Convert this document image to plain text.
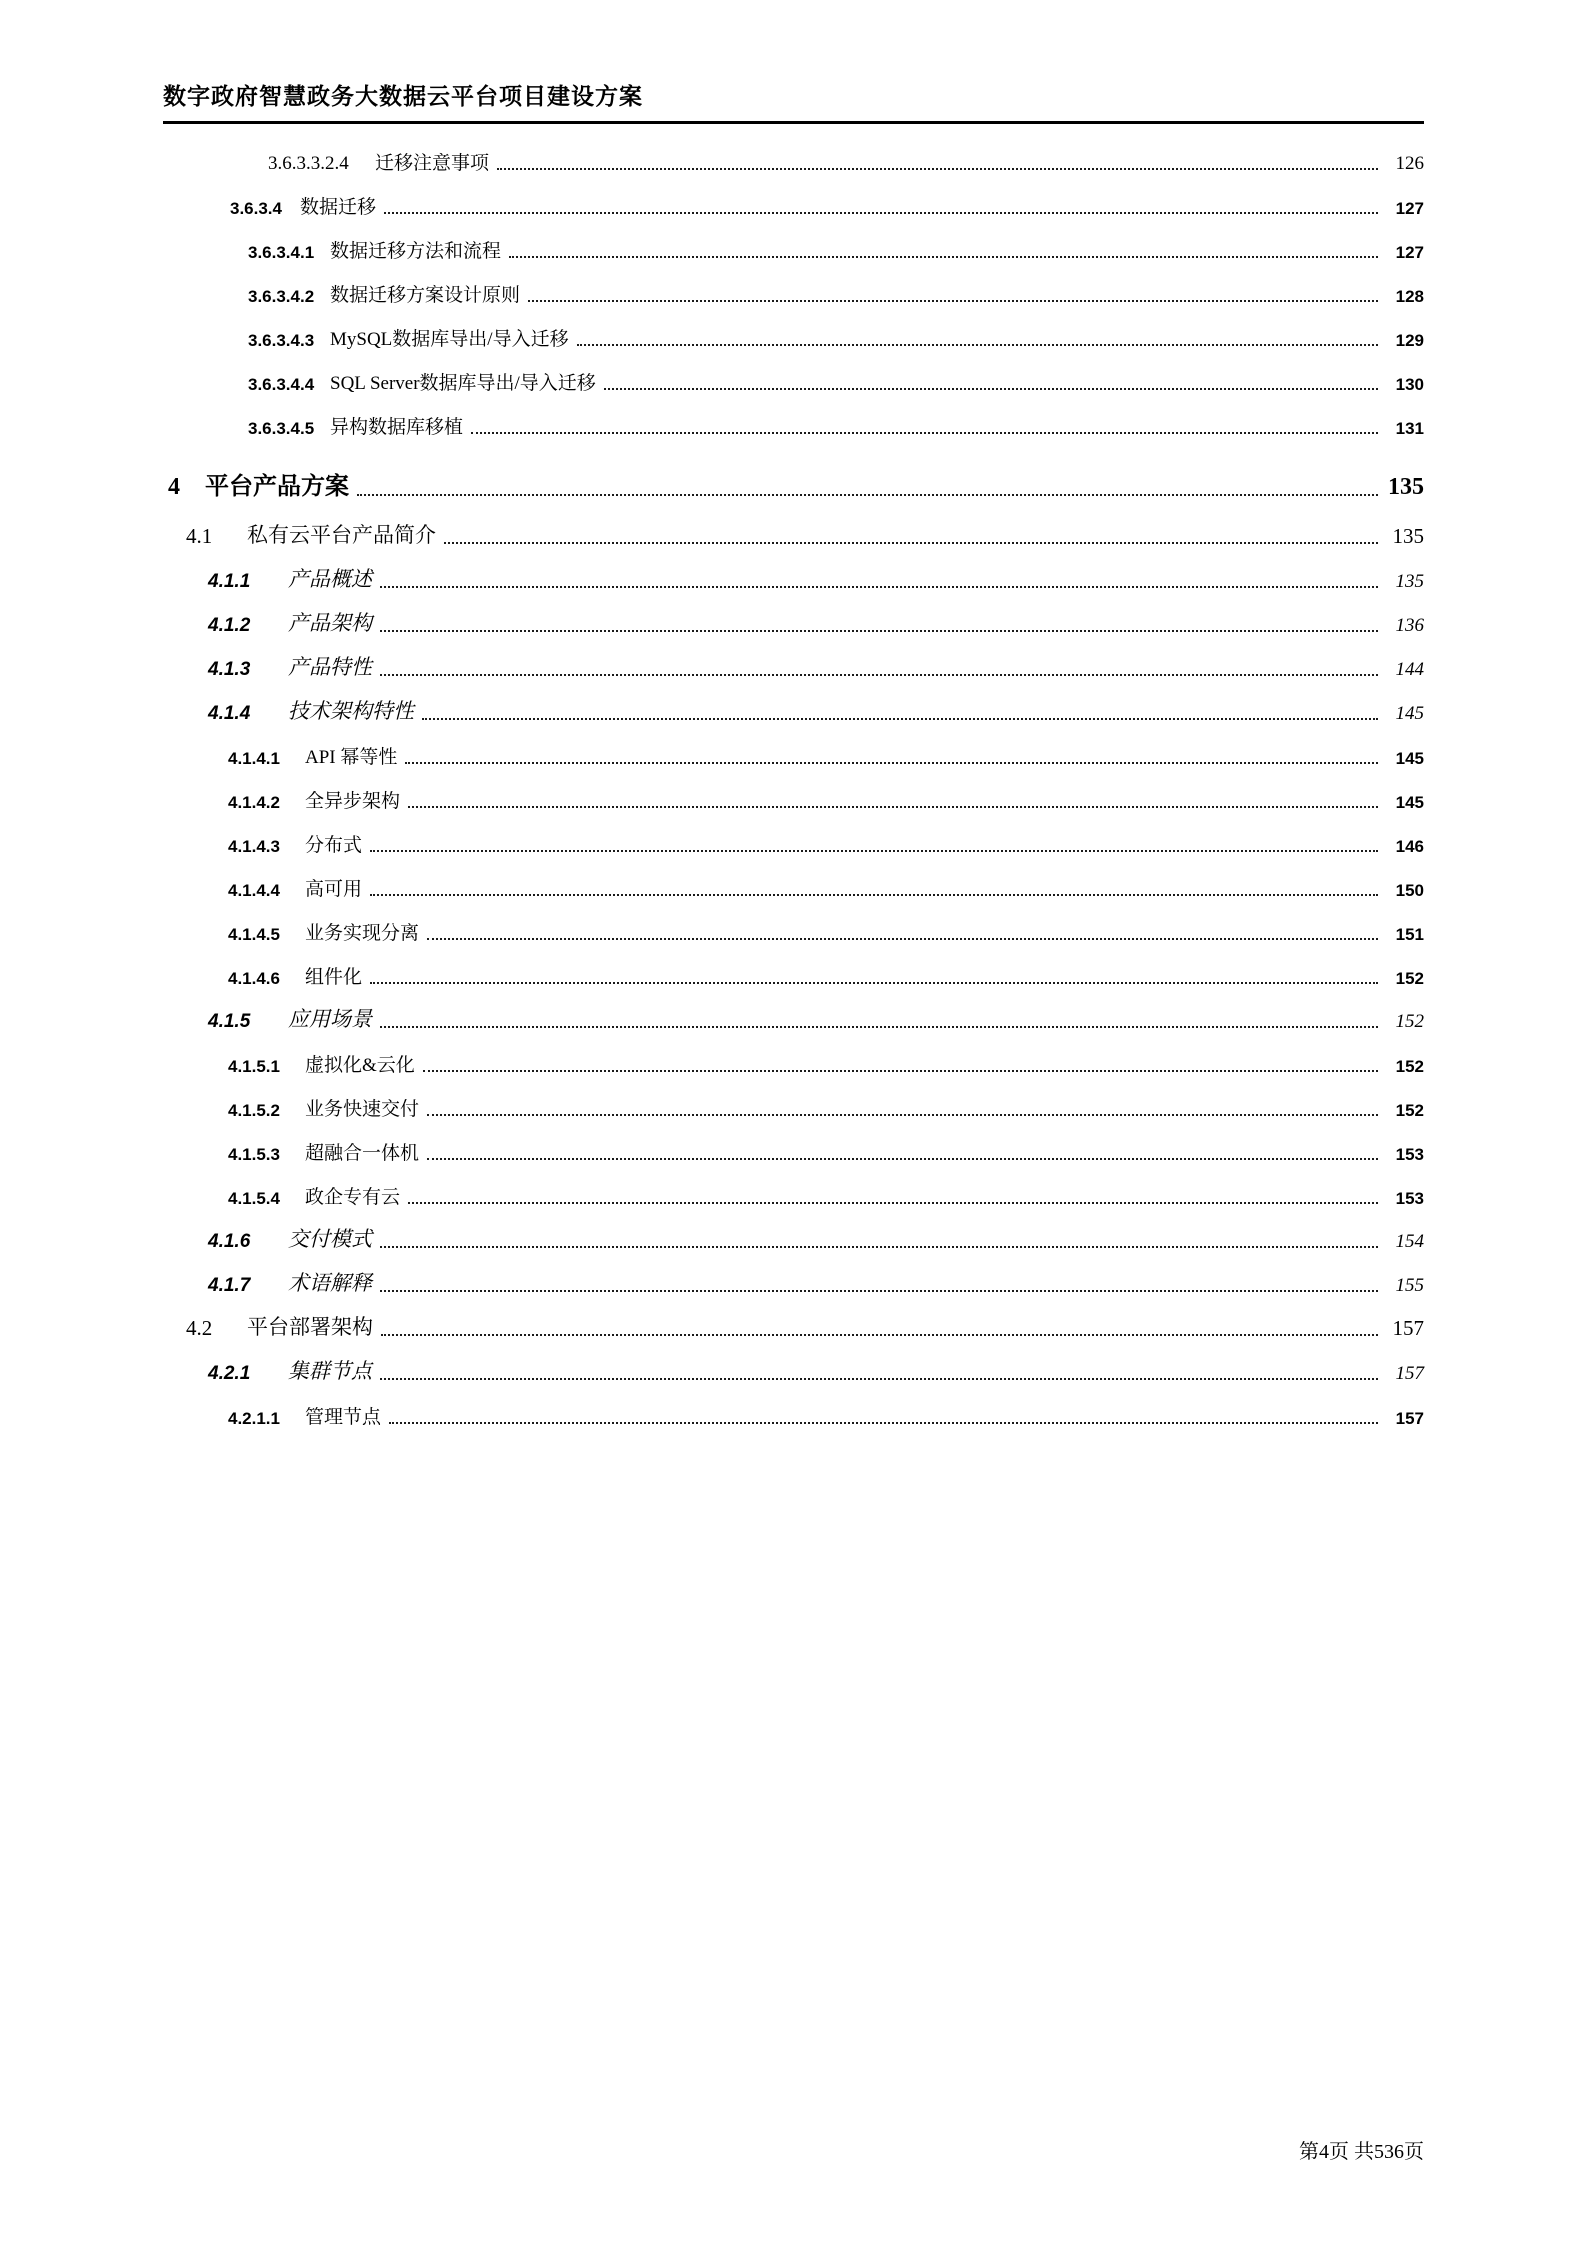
数字政府智慧政务大数据云平台项目建设方案
3.6.3.3.2.4	迁移注意事项	126
3.6.3.4 数据迁移	127
3.6.3.4.1 数据迁移方法和流程	127
3.6.3.4.2 数据迁移方案设计原则	128
3.6.3.4.3 MySQL数据库导出/导入迁移	129
3.6.3.4.4 SQL Server数据库导出/导入迁移	130
3.6.3.4.5 异构数据库移植	131
4	平台产品方案	135
4.1	私有云平台产品简介	135
4.1.1	产品概述	135
4.1.2	产品架构	136
4.1.3	产品特性	144
4.1.4	技术架构特性	145
4.1.4.1	API 幂等性	145
4.1.4.2	全异步架构	145
4.1.4.3	分布式	146
4.1.4.4	高可用	150
4.1.4.5	业务实现分离	151
4.1.4.6	组件化	152
4.1.5	应用场景	152
4.1.5.1	虚拟化&云化	152
4.1.5.2	业务快速交付	152
4.1.5.3	超融合一体机	153
4.1.5.4	政企专有云	153
4.1.6	交付模式	154
4.1.7	术语解释	155
4.2	平台部署架构	157
4.2.1	集群节点	157
4.2.1.1	管理节点	157
第4页 共536页
